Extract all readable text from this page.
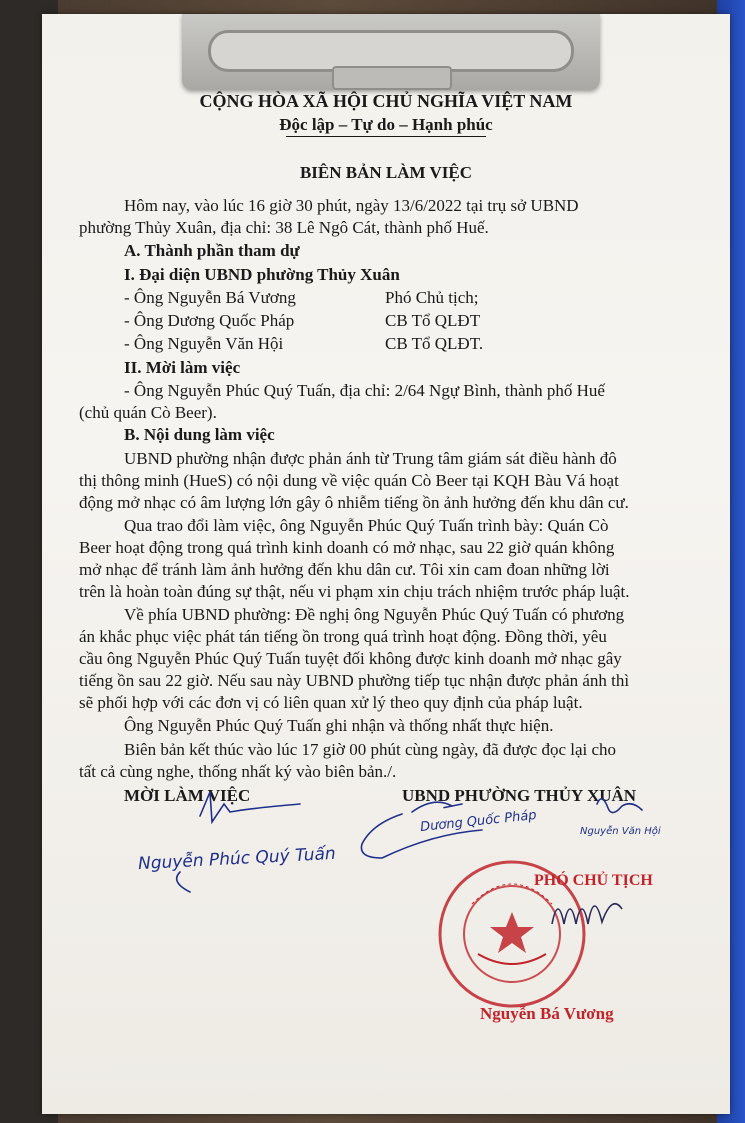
CỘNG HÒA XÃ HỘI CHỦ NGHĨA VIỆT NAM
Độc lập – Tự do – Hạnh phúc
BIÊN BẢN LÀM VIỆC
Hôm nay, vào lúc 16 giờ 30 phút, ngày 13/6/2022 tại trụ sở UBND
phường Thủy Xuân, địa chỉ: 38 Lê Ngô Cát, thành phố Huế.
A. Thành phần tham dự
I. Đại diện UBND phường Thủy Xuân
- Ông Nguyễn Bá Vương	Phó Chủ tịch;
- Ông Dương Quốc Pháp	CB Tổ QLĐT
- Ông Nguyễn Văn Hội	CB Tổ QLĐT.
II. Mời làm việc
- Ông Nguyễn Phúc Quý Tuấn, địa chỉ: 2/64 Ngự Bình, thành phố Huế
(chủ quán Cò Beer).
B. Nội dung làm việc
UBND phường nhận được phản ánh từ Trung tâm giám sát điều hành đô
thị thông minh (HueS) có nội dung về việc quán Cò Beer tại KQH Bàu Vá hoạt
động mở nhạc có âm lượng lớn gây ô nhiễm tiếng ồn ảnh hưởng đến khu dân cư.
Qua trao đổi làm việc, ông Nguyễn Phúc Quý Tuấn trình bày: Quán Cò
Beer hoạt động trong quá trình kinh doanh có mở nhạc, sau 22 giờ quán không
mở nhạc để tránh làm ảnh hưởng đến khu dân cư. Tôi xin cam đoan những lời
trên là hoàn toàn đúng sự thật, nếu vi phạm xin chịu trách nhiệm trước pháp luật.
Về phía UBND phường: Đề nghị ông Nguyễn Phúc Quý Tuấn có phương
án khắc phục việc phát tán tiếng ồn trong quá trình hoạt động. Đồng thời, yêu
cầu ông Nguyễn Phúc Quý Tuấn tuyệt đối không được kinh doanh mở nhạc gây
tiếng ồn sau 22 giờ. Nếu sau này UBND phường tiếp tục nhận được phản ánh thì
sẽ phối hợp với các đơn vị có liên quan xử lý theo quy định của pháp luật.
Ông Nguyễn Phúc Quý Tuấn ghi nhận và thống nhất thực hiện.
Biên bản kết thúc vào lúc 17 giờ 00 phút cùng ngày, đã được đọc lại cho
tất cả cùng nghe, thống nhất ký vào biên bản./.
MỜI LÀM VIỆC	UBND PHƯỜNG THỦY XUÂN
Nguyễn Phúc Quý Tuấn
Dương Quốc Pháp	Nguyễn Văn Hội
PHÓ CHỦ TỊCH
Nguyễn Bá Vương
